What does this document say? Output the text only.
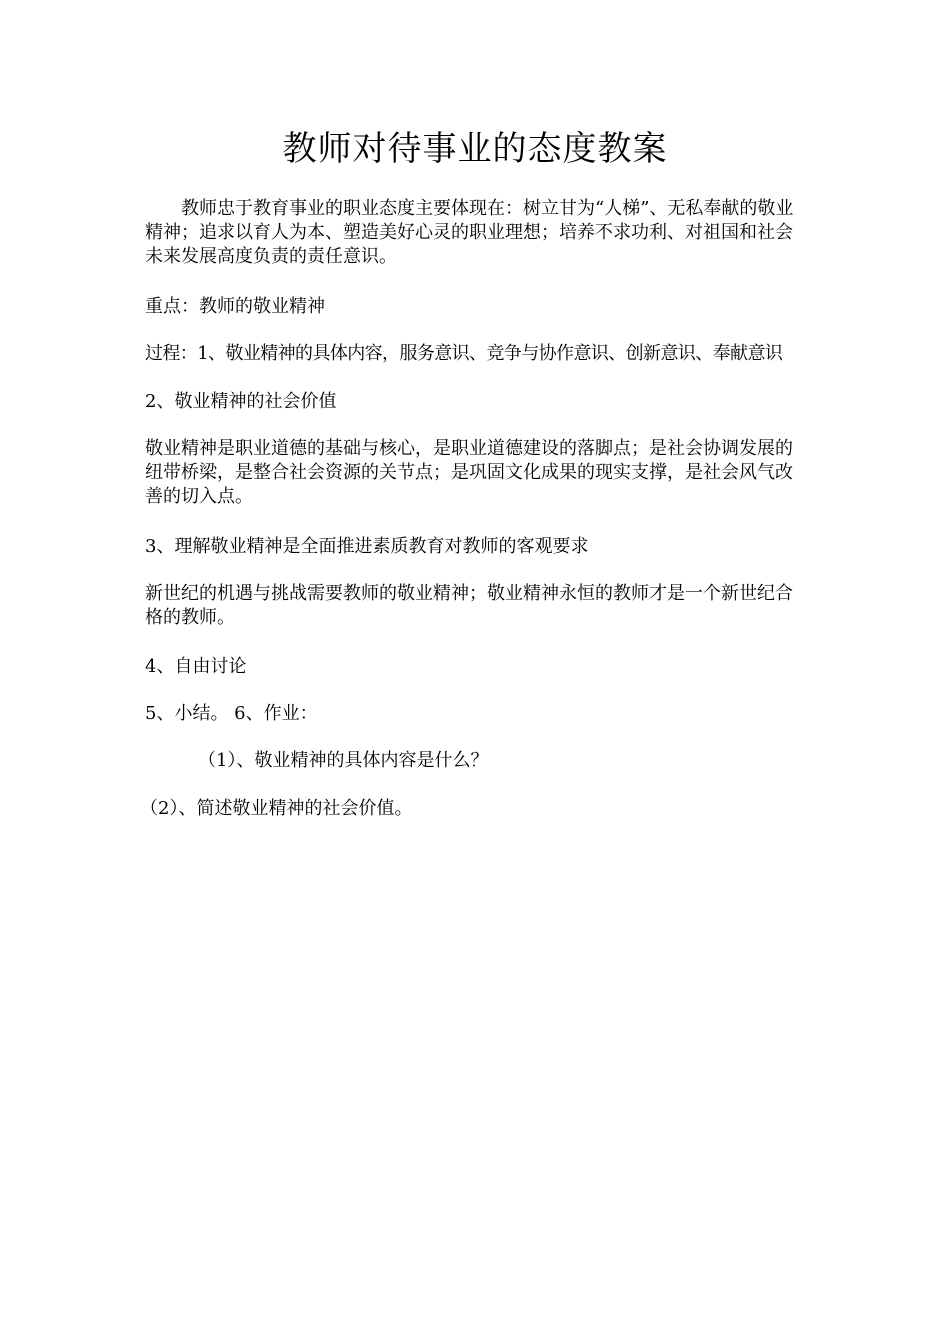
教师对待事业的态度教案

教师忠于教育事业的职业态度主要体现在：树立甘为“人梯”、无私奉献的敬业精神；追求以育人为本、塑造美好心灵的职业理想；培养不求功利、对祖国和社会未来发展高度负责的责任意识。

重点：教师的敬业精神

过程：1、敬业精神的具体内容，服务意识、竞争与协作意识、创新意识、奉献意识

2、敬业精神的社会价值

敬业精神是职业道德的基础与核心，是职业道德建设的落脚点；是社会协调发展的纽带桥梁，是整合社会资源的关节点；是巩固文化成果的现实支撑，是社会风气改善的切入点。

3、理解敬业精神是全面推进素质教育对教师的客观要求

新世纪的机遇与挑战需要教师的敬业精神；敬业精神永恒的教师才是一个新世纪合格的教师。

4、自由讨论

5、小结。 6、作业：

（1）、敬业精神的具体内容是什么？

（2）、简述敬业精神的社会价值。
